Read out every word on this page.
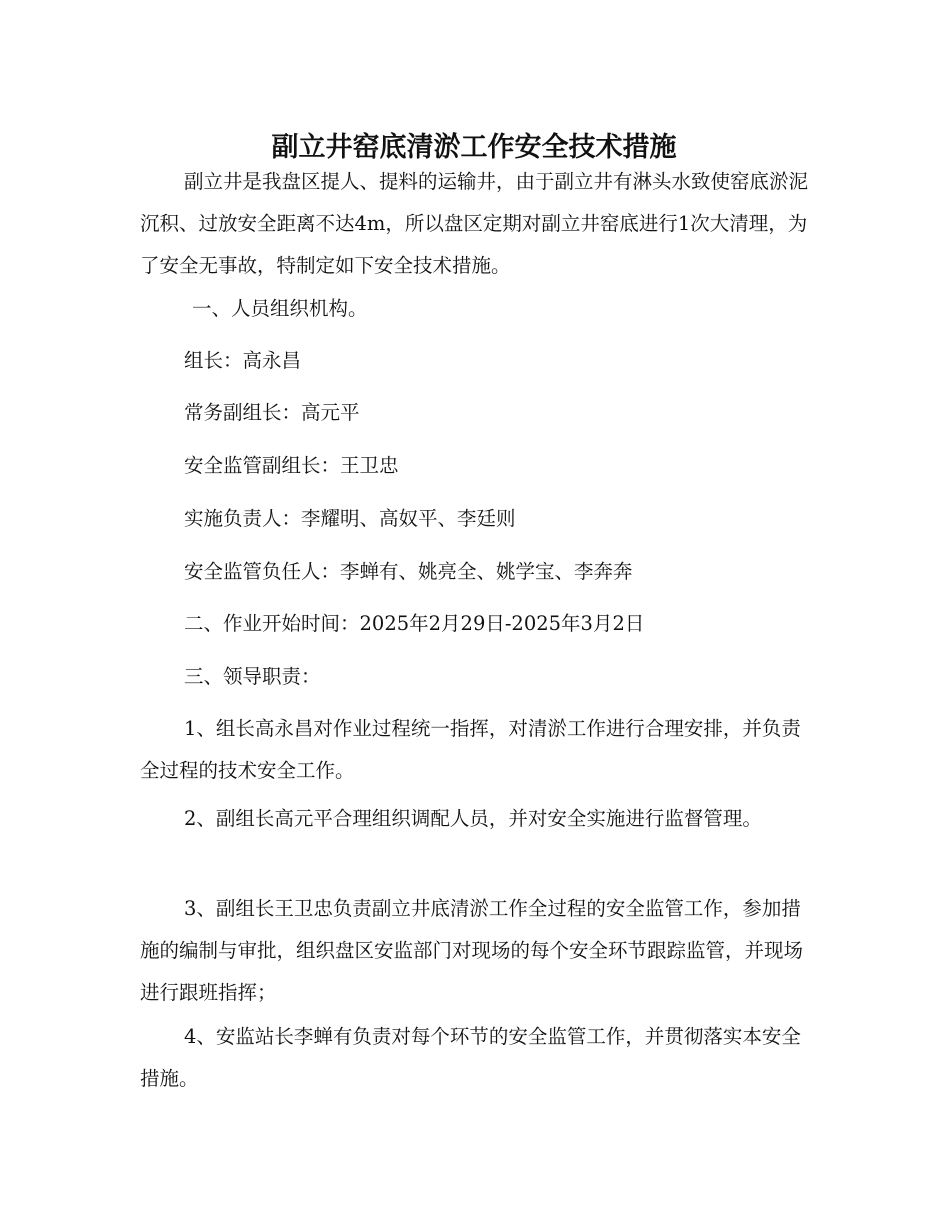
副立井窑底清淤工作安全技术措施

副立井是我盘区提人、提料的运输井，由于副立井有淋头水致使窑底淤泥沉积、过放安全距离不达4m，所以盘区定期对副立井窑底进行1次大清理，为了安全无事故，特制定如下安全技术措施。

一、人员组织机构。

组长：高永昌

常务副组长：高元平

安全监管副组长：王卫忠

实施负责人：李耀明、高奴平、李廷则

安全监管负任人：李蝉有、姚亮全、姚学宝、李奔奔

二、作业开始时间：2025年2月29日-2025年3月2日

三、领导职责：

1、组长高永昌对作业过程统一指挥，对清淤工作进行合理安排，并负责全过程的技术安全工作。

2、副组长高元平合理组织调配人员，并对安全实施进行监督管理。

3、副组长王卫忠负责副立井底清淤工作全过程的安全监管工作，参加措施的编制与审批，组织盘区安监部门对现场的每个安全环节跟踪监管，并现场进行跟班指挥；

4、安监站长李蝉有负责对每个环节的安全监管工作，并贯彻落实本安全措施。
